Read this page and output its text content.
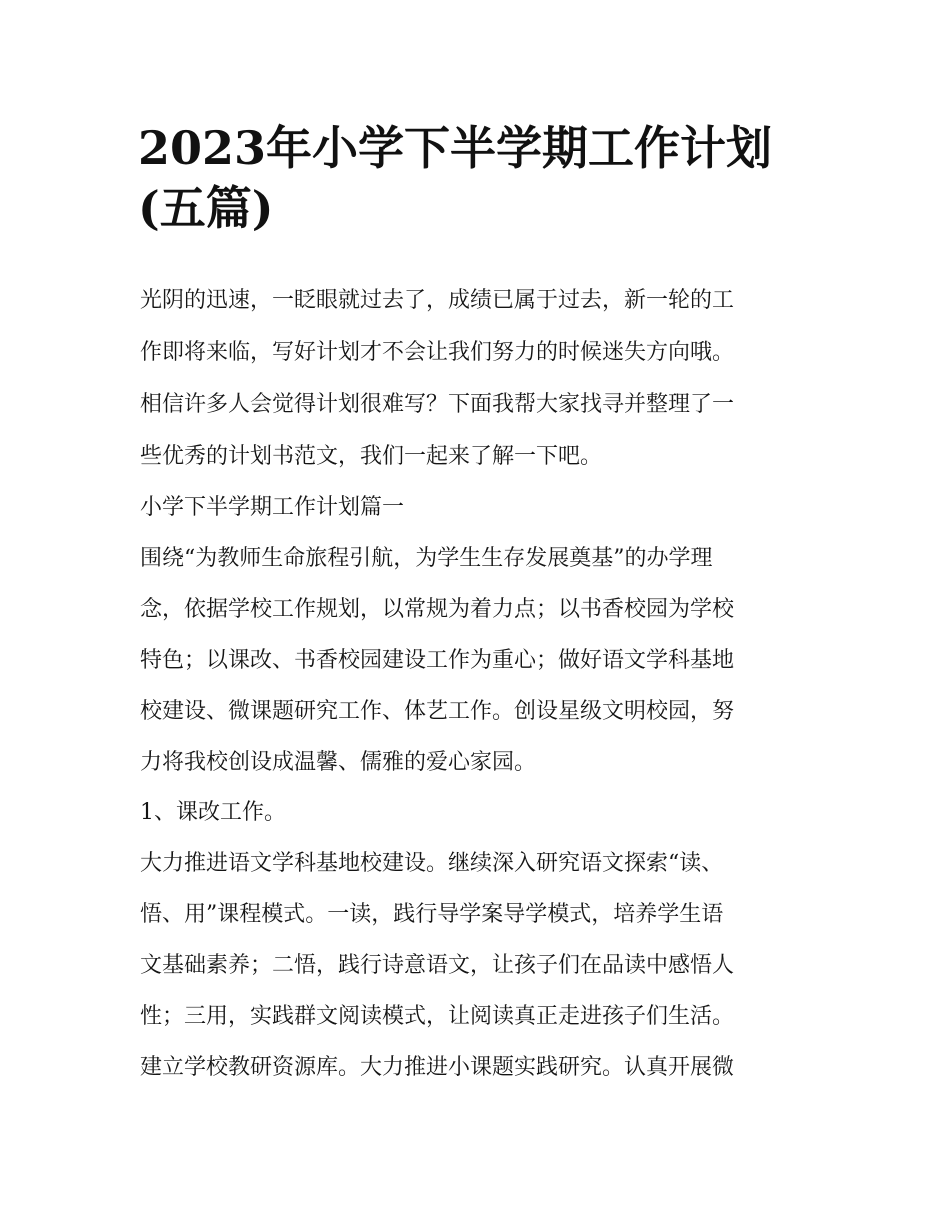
2023年小学下半学期工作计划
(五篇)
光阴的迅速，一眨眼就过去了，成绩已属于过去，新一轮的工
作即将来临，写好计划才不会让我们努力的时候迷失方向哦。
相信许多人会觉得计划很难写？下面我帮大家找寻并整理了一
些优秀的计划书范文，我们一起来了解一下吧。
小学下半学期工作计划篇一
围绕“为教师生命旅程引航，为学生生存发展奠基”的办学理
念，依据学校工作规划，以常规为着力点；以书香校园为学校
特色；以课改、书香校园建设工作为重心；做好语文学科基地
校建设、微课题研究工作、体艺工作。创设星级文明校园，努
力将我校创设成温馨、儒雅的爱心家园。
1、课改工作。
大力推进语文学科基地校建设。继续深入研究语文探索“读、
悟、用”课程模式。一读，践行导学案导学模式，培养学生语
文基础素养；二悟，践行诗意语文，让孩子们在品读中感悟人
性；三用，实践群文阅读模式，让阅读真正走进孩子们生活。
建立学校教研资源库。大力推进小课题实践研究。认真开展微
